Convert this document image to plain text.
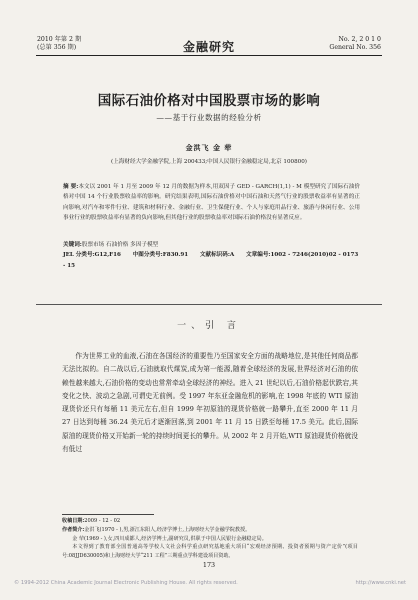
2010 年第 2 期
(总第 356 期)	金融研究
No. 2, 2 0 1 0
General No. 356
国际石油价格对中国股票市场的影响
——基于行业数据的经验分析
金洪飞 金 荦
(上海财经大学金融学院,上海 200433;中国人民银行金融稳定局,北京 100800)
摘 要:本文以 2001 年 1 月至 2009 年 12 月的数据为样本,用双因子 GED - GARCH(1,1) - M 模型研究了国际石油价格对中国 14 个行业股票收益率的影响。研究结果表明,国际石油价格对中国石油和天然气行业的股票收益率有显著的正向影响,对汽车和零件行业、建筑和材料行业、金融行业、卫生保健行业、个人与家庭用品行业、旅游与休闲行业、公用事业行业的股票收益率有显著的负向影响,但其他行业的股票收益率对国际石油价格没有显著反应。
关键词:股票市场 石油价格 多因子模型
JEL 分类号:G12,F16 中图分类号:F830.91 文献标识码:A 文章编号:1002 - 7246(2010)02 - 0173 - 15
一、引 言
作为世界工业的血液,石油在各国经济的重要性乃至国家安全方面的战略地位,是其他任何商品都无法比拟的。自二战以后,石油就取代煤炭,成为第一能源,随着全球经济的发展,世界经济对石油的依赖性越来越大,石油价格的变动也常常牵动全球经济的神经。进入 21 世纪以后,石油价格起伏跌宕,其变化之快、波动之急剧,可谓史无前例。受 1997 年东亚金融危机的影响,在 1998 年底的 WTI 原油现货价还只有每桶 11 美元左右,但自 1999 年初原油的现货价格就一路攀升,直至 2000 年 11 月 27 日达到每桶 36.24 美元后才逐渐回落,到 2001 年 11 月 15 日跌至每桶 17.5 美元。此后,国际原油的现货价格又开始新一轮的持续时间更长的攀升。从 2002 年 2 月开始,WTI 原油现货价格就没有低过
收稿日期:2009 - 12 - 02
作者简介:金洪飞(1970 - ),男,浙江东阳人,经济学博士,上海财经大学金融学院教授。
金 荦(1969 - ),女,四川成都人,经济学博士,副研究员,供职于中国人民银行金融稳定局。
本文得到了教育部全国普通高等学校人文社会科学重点研究基地重大项目“宏观经济预期、投资者预期与资产定价”(项目号:08JJD630005)和上海财经大学“211 工程”三期重点学科建设项目资助。
173
© 1994-2012 China Academic Journal Electronic Publishing House. All rights reserved.	http://www.cnki.net
